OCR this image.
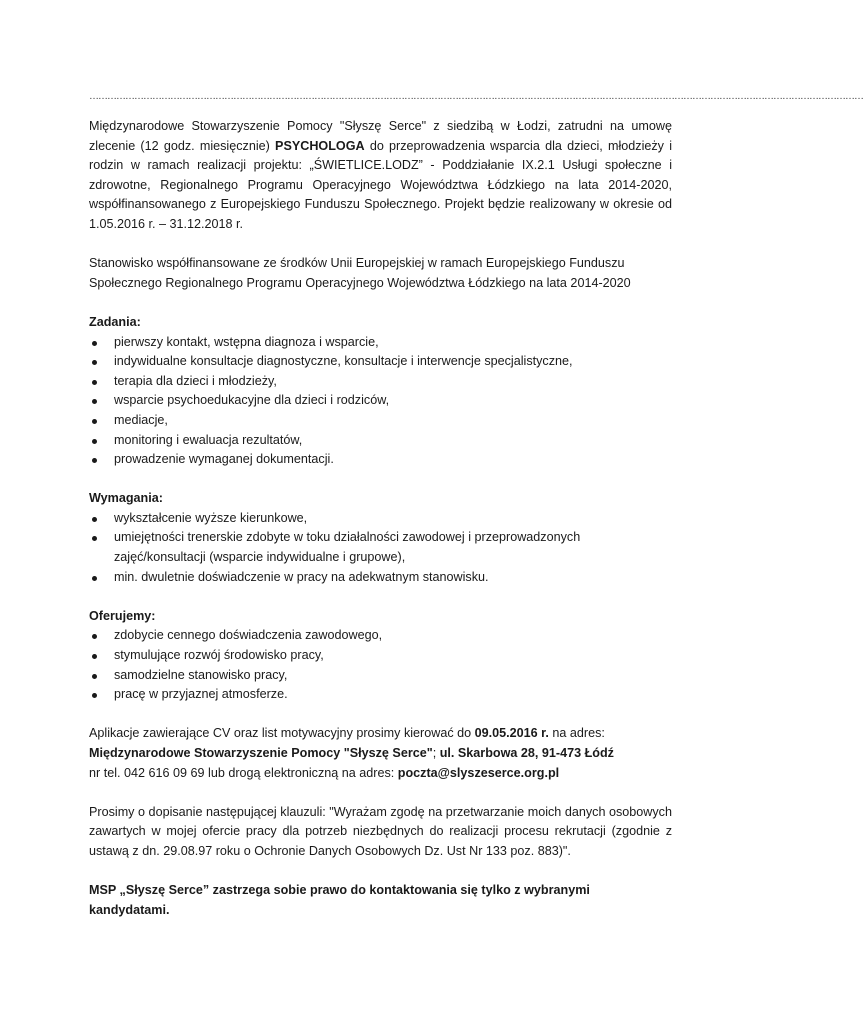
……………………………………………………………………………………………………………………………………………………………………………………………………………………………………

Międzynarodowe Stowarzyszenie Pomocy "Słyszę Serce" z siedzibą w Łodzi, zatrudni na umowę zlecenie (12 godz. miesięcznie) PSYCHOLOGA do przeprowadzenia wsparcia dla dzieci, młodzieży i rodzin w ramach realizacji projektu: „ŚWIETLICE.LODZ” - Poddziałanie IX.2.1 Usługi społeczne i zdrowotne, Regionalnego Programu Operacyjnego Województwa Łódzkiego na lata 2014-2020, współfinansowanego z Europejskiego Funduszu Społecznego. Projekt będzie realizowany w okresie od 1.05.2016 r. – 31.12.2018 r.

Stanowisko współfinansowane ze środków Unii Europejskiej w ramach Europejskiego Funduszu Społecznego Regionalnego Programu Operacyjnego Województwa Łódzkiego na lata 2014-2020

Zadania:
pierwszy kontakt, wstępna diagnoza i wsparcie,
indywidualne konsultacje diagnostyczne, konsultacje i interwencje specjalistyczne,
terapia dla dzieci i młodzieży,
wsparcie psychoedukacyjne dla dzieci i rodziców,
mediacje,
monitoring i ewaluacja rezultatów,
prowadzenie wymaganej dokumentacji.
Wymagania:
wykształcenie wyższe kierunkowe,
umiejętności trenerskie zdobyte w toku działalności zawodowej i przeprowadzonych zajęć/konsultacji (wsparcie indywidualne i grupowe),
min. dwuletnie doświadczenie w pracy na adekwatnym stanowisku.
Oferujemy:
zdobycie cennego doświadczenia zawodowego,
stymulujące rozwój środowisko pracy,
samodzielne stanowisko pracy,
pracę w przyjaznej atmosferze.

Aplikacje zawierające CV oraz list motywacyjny prosimy kierować do 09.05.2016 r. na adres:

Międzynarodowe Stowarzyszenie Pomocy "Słyszę Serce"; ul. Skarbowa 28, 91-473 Łódź

nr tel. 042 616 09 69 lub drogą elektroniczną na adres: poczta@slyszeserce.org.pl

Prosimy o dopisanie następującej klauzuli: "Wyrażam zgodę na przetwarzanie moich danych osobowych zawartych w mojej ofercie pracy dla potrzeb niezbędnych do realizacji procesu rekrutacji (zgodnie z ustawą z dn. 29.08.97 roku o Ochronie Danych Osobowych Dz. Ust Nr 133 poz. 883)".

MSP „Słyszę Serce” zastrzega sobie prawo do kontaktowania się tylko z wybranymi kandydatami.
